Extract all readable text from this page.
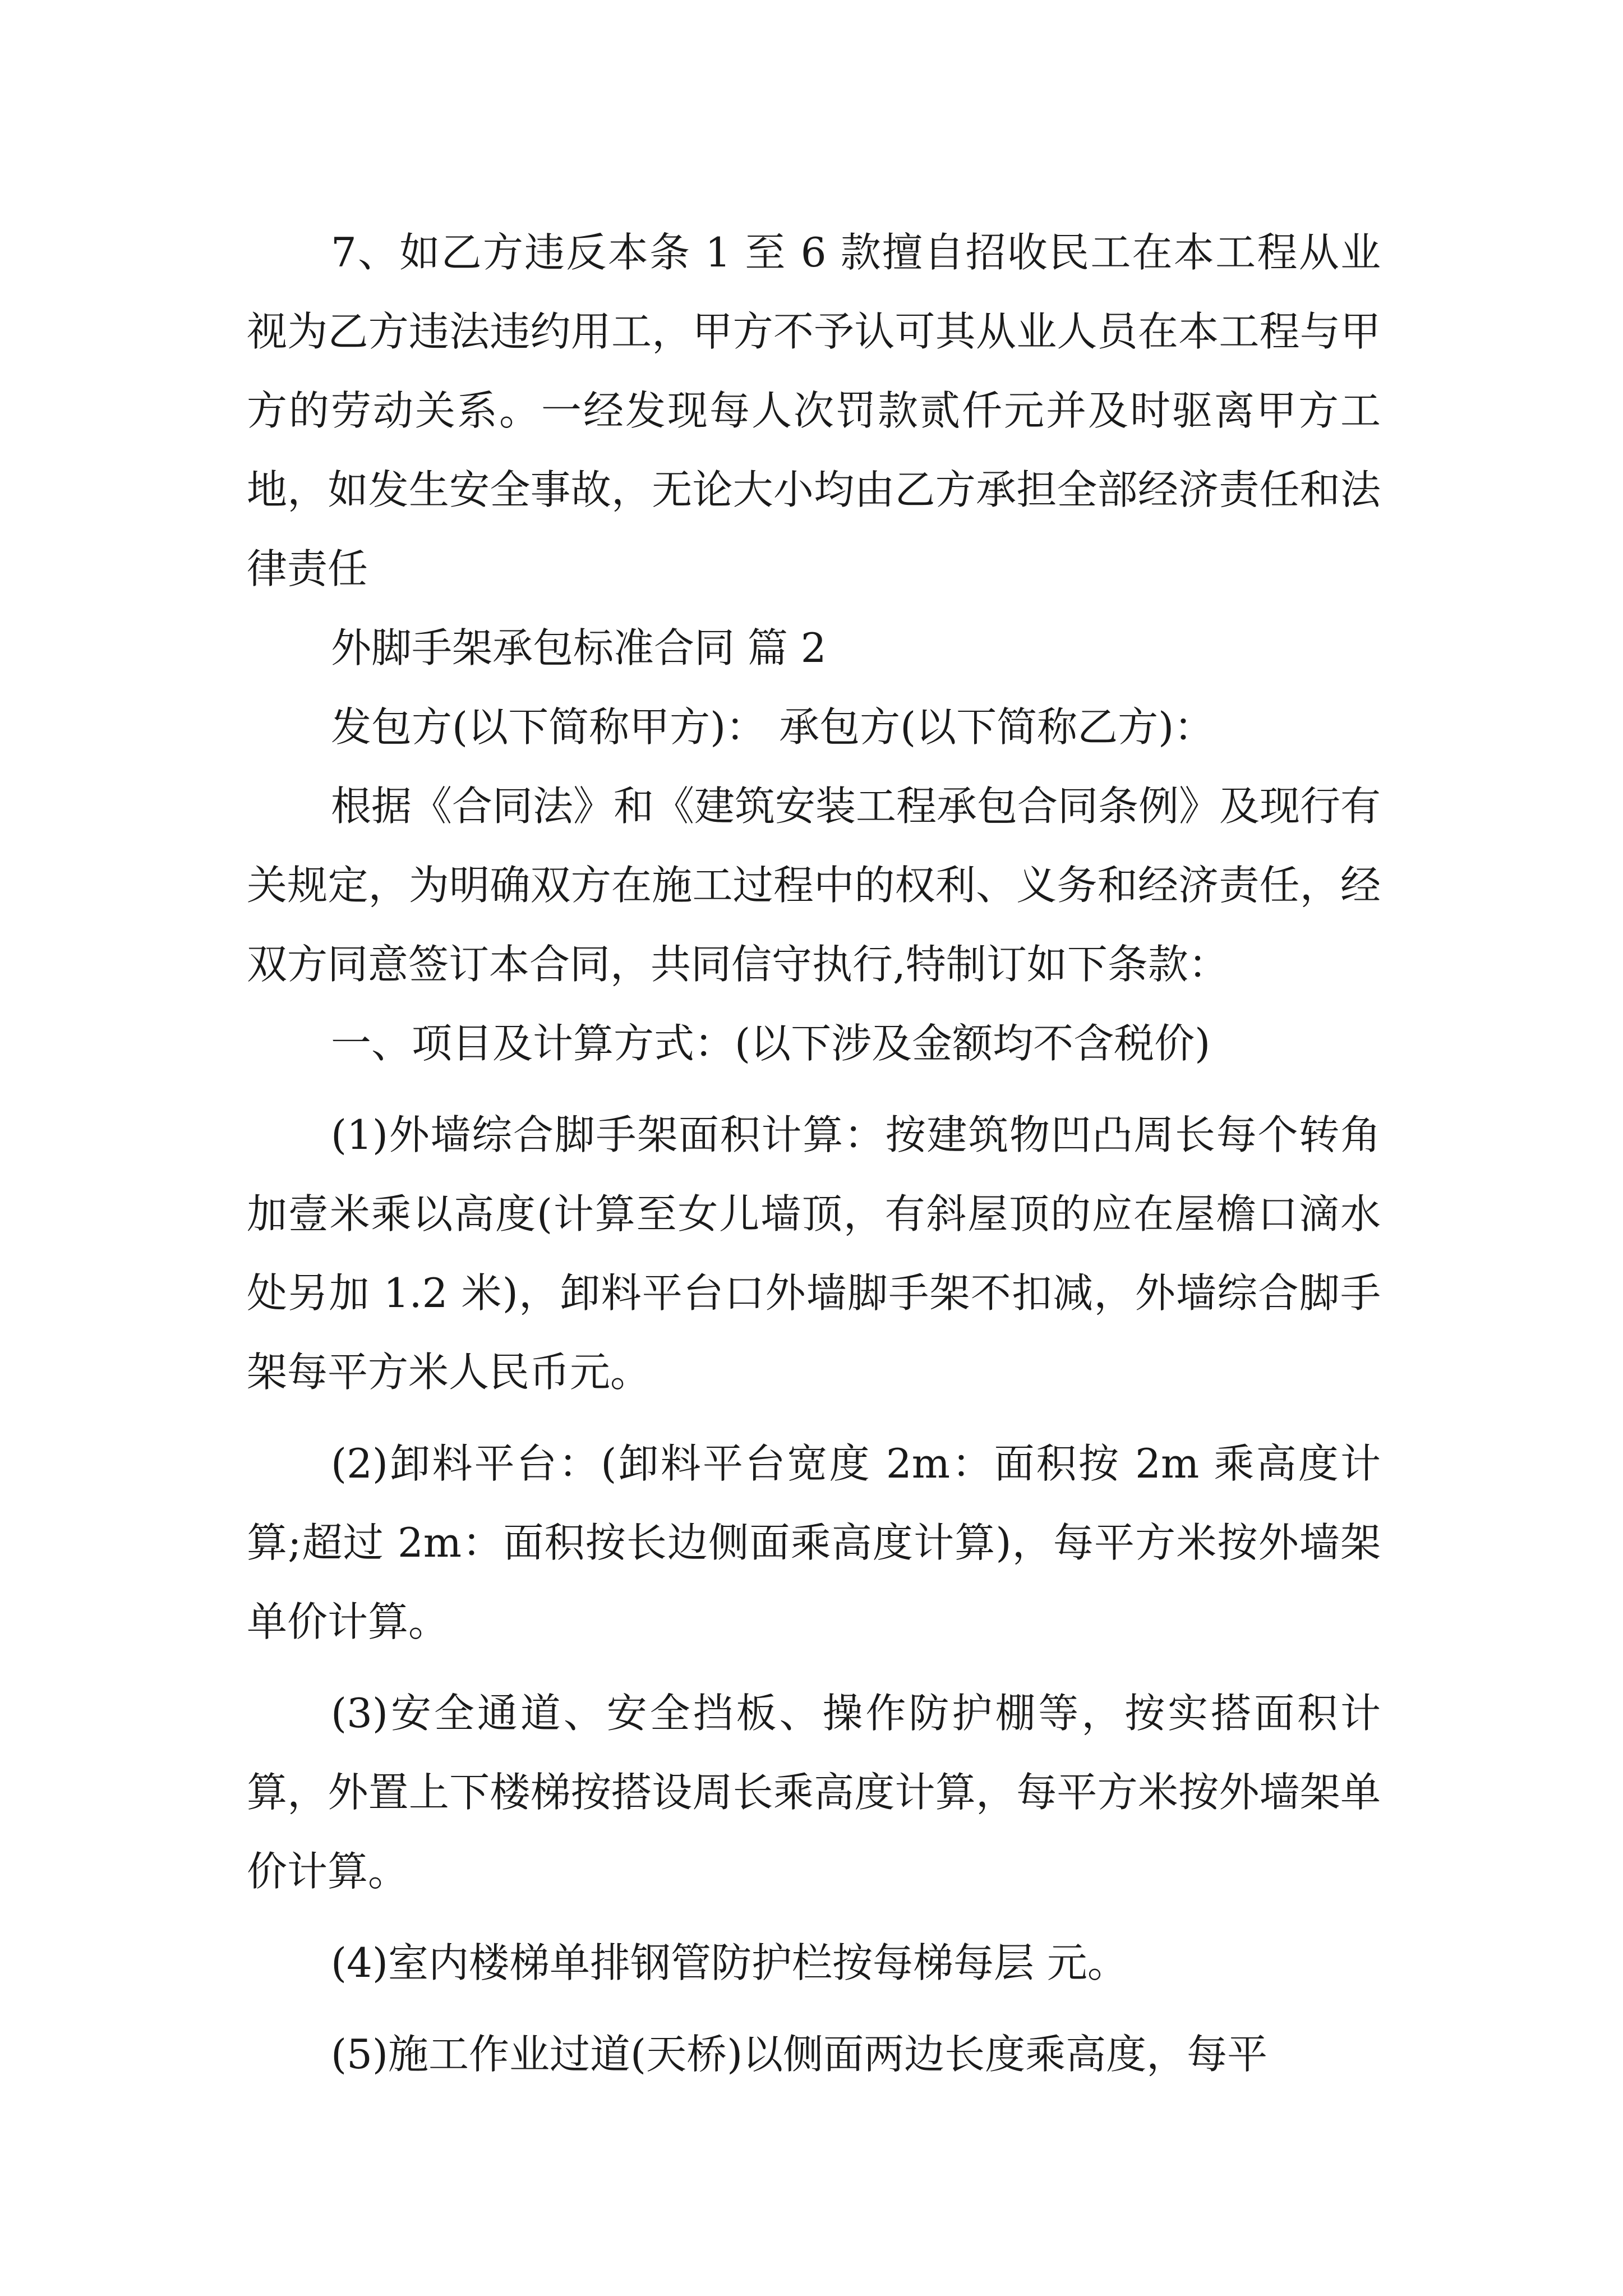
7、如乙方违反本条 1 至 6 款擅自招收民工在本工程从业视为乙方违法违约用工，甲方不予认可其从业人员在本工程与甲方的劳动关系。一经发现每人次罚款贰仟元并及时驱离甲方工地，如发生安全事故，无论大小均由乙方承担全部经济责任和法律责任

外脚手架承包标准合同 篇 2

发包方(以下简称甲方)： 承包方(以下简称乙方)：

根据《合同法》和《建筑安装工程承包合同条例》及现行有关规定，为明确双方在施工过程中的权利、义务和经济责任，经双方同意签订本合同，共同信守执行,特制订如下条款：

一、项目及计算方式：(以下涉及金额均不含税价)

(1)外墙综合脚手架面积计算：按建筑物凹凸周长每个转角加壹米乘以高度(计算至女儿墙顶，有斜屋顶的应在屋檐口滴水处另加 1.2 米)，卸料平台口外墙脚手架不扣减，外墙综合脚手架每平方米人民币元。

(2)卸料平台：(卸料平台宽度 2m：面积按 2m 乘高度计算;超过 2m：面积按长边侧面乘高度计算)，每平方米按外墙架单价计算。

(3)安全通道、安全挡板、操作防护棚等，按实搭面积计算，外置上下楼梯按搭设周长乘高度计算，每平方米按外墙架单价计算。

(4)室内楼梯单排钢管防护栏按每梯每层 元。

(5)施工作业过道(天桥)以侧面两边长度乘高度，每平
